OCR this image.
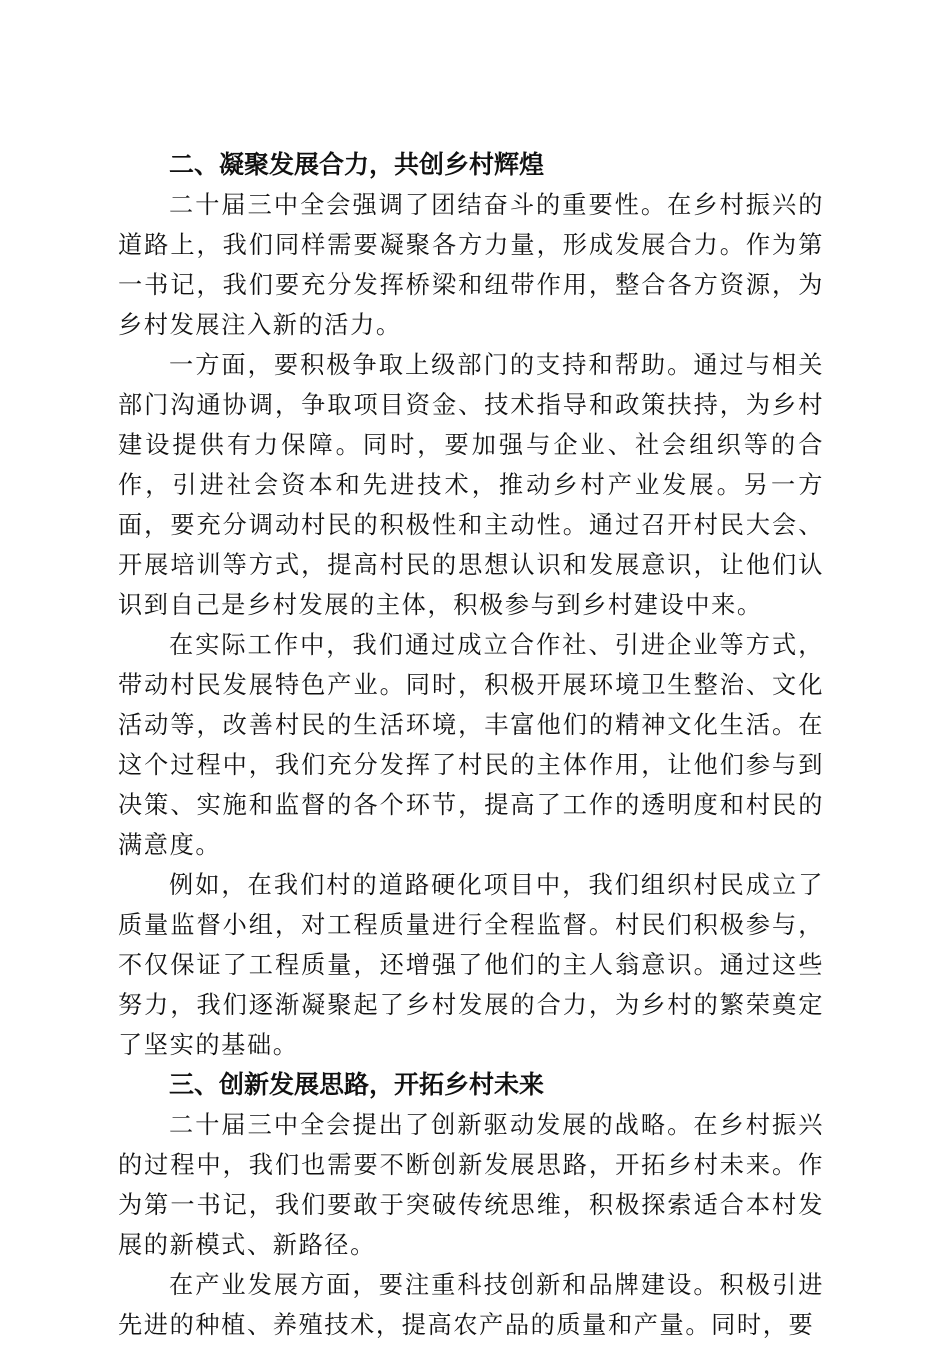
二、凝聚发展合力，共创乡村辉煌

二十届三中全会强调了团结奋斗的重要性。在乡村振兴的道路上，我们同样需要凝聚各方力量，形成发展合力。作为第一书记，我们要充分发挥桥梁和纽带作用，整合各方资源，为乡村发展注入新的活力。

一方面，要积极争取上级部门的支持和帮助。通过与相关部门沟通协调，争取项目资金、技术指导和政策扶持，为乡村建设提供有力保障。同时，要加强与企业、社会组织等的合作，引进社会资本和先进技术，推动乡村产业发展。另一方面，要充分调动村民的积极性和主动性。通过召开村民大会、开展培训等方式，提高村民的思想认识和发展意识，让他们认识到自己是乡村发展的主体，积极参与到乡村建设中来。

在实际工作中，我们通过成立合作社、引进企业等方式，带动村民发展特色产业。同时，积极开展环境卫生整治、文化活动等，改善村民的生活环境，丰富他们的精神文化生活。在这个过程中，我们充分发挥了村民的主体作用，让他们参与到决策、实施和监督的各个环节，提高了工作的透明度和村民的满意度。

例如，在我们村的道路硬化项目中，我们组织村民成立了质量监督小组，对工程质量进行全程监督。村民们积极参与，不仅保证了工程质量，还增强了他们的主人翁意识。通过这些努力，我们逐渐凝聚起了乡村发展的合力，为乡村的繁荣奠定了坚实的基础。

三、创新发展思路，开拓乡村未来

二十届三中全会提出了创新驱动发展的战略。在乡村振兴的过程中，我们也需要不断创新发展思路，开拓乡村未来。作为第一书记，我们要敢于突破传统思维，积极探索适合本村发展的新模式、新路径。

在产业发展方面，要注重科技创新和品牌建设。积极引进先进的种植、养殖技术，提高农产品的质量和产量。同时，要
